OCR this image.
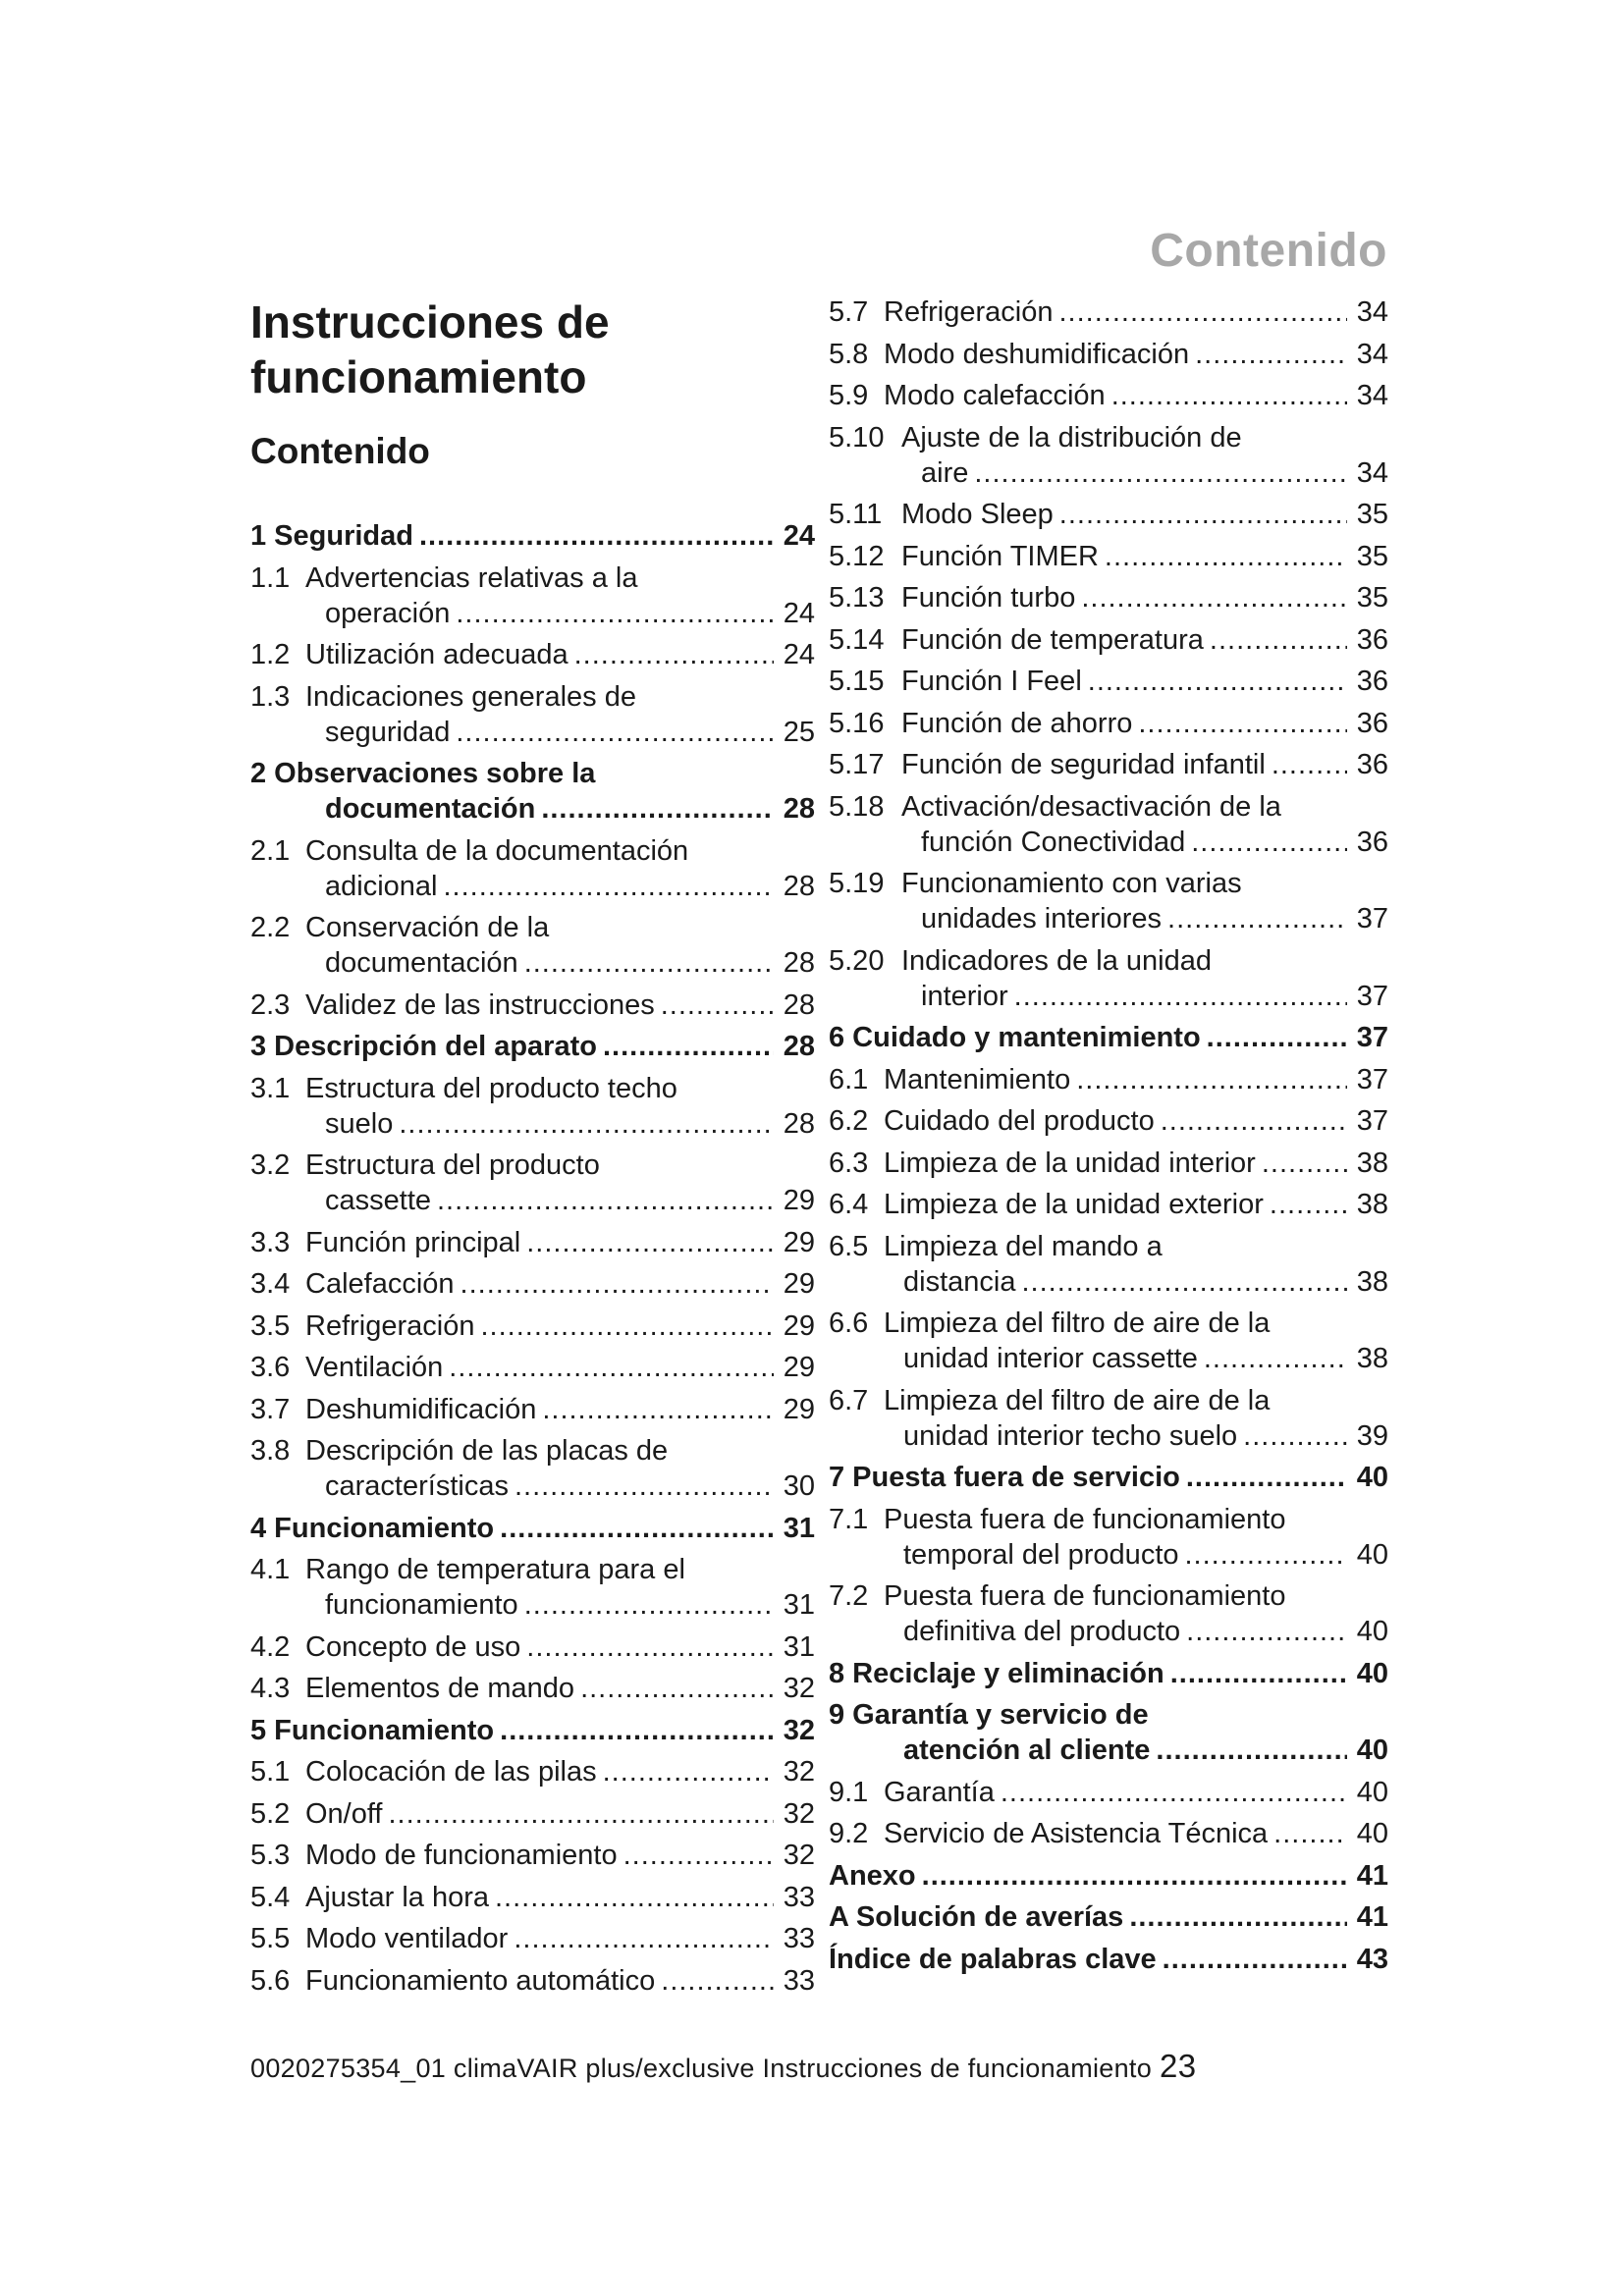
Contenido
Instrucciones de
funcionamiento
Contenido
1 Seguridad .....	24
1.1 Advertencias relativas a la
operación .....	24
1.2 Utilización adecuada .....	24
1.3 Indicaciones generales de
seguridad .....	25
2 Observaciones sobre la
documentación .....	28
2.1 Consulta de la documentación
adicional .....	28
2.2 Conservación de la
documentación .....	28
2.3 Validez de las instrucciones .....	28
3 Descripción del aparato .....	28
3.1 Estructura del producto techo
suelo .....	28
3.2 Estructura del producto
cassette .....	29
3.3 Función principal .....	29
3.4 Calefacción .....	29
3.5 Refrigeración .....	29
3.6 Ventilación .....	29
3.7 Deshumidificación .....	29
3.8 Descripción de las placas de
características .....	30
4 Funcionamiento .....	31
4.1 Rango de temperatura para el
funcionamiento .....	31
4.2 Concepto de uso .....	31
4.3 Elementos de mando .....	32
5 Funcionamiento .....	32
5.1 Colocación de las pilas .....	32
5.2 On/off .....	32
5.3 Modo de funcionamiento .....	32
5.4 Ajustar la hora .....	33
5.5 Modo ventilador .....	33
5.6 Funcionamiento automático .....	33
5.7 Refrigeración .....	34
5.8 Modo deshumidificación .....	34
5.9 Modo calefacción .....	34
5.10 Ajuste de la distribución de
aire .....	34
5.11 Modo Sleep .....	35
5.12 Función TIMER .....	35
5.13 Función turbo .....	35
5.14 Función de temperatura .....	36
5.15 Función I Feel .....	36
5.16 Función de ahorro .....	36
5.17 Función de seguridad infantil .....	36
5.18 Activación/desactivación de la
función Conectividad .....	36
5.19 Funcionamiento con varias
unidades interiores .....	37
5.20 Indicadores de la unidad
interior .....	37
6 Cuidado y mantenimiento .....	37
6.1 Mantenimiento .....	37
6.2 Cuidado del producto .....	37
6.3 Limpieza de la unidad interior .....	38
6.4 Limpieza de la unidad exterior .....	38
6.5 Limpieza del mando a
distancia .....	38
6.6 Limpieza del filtro de aire de la
unidad interior cassette .....	38
6.7 Limpieza del filtro de aire de la
unidad interior techo suelo .....	39
7 Puesta fuera de servicio .....	40
7.1 Puesta fuera de funcionamiento
temporal del producto .....	40
7.2 Puesta fuera de funcionamiento
definitiva del producto .....	40
8 Reciclaje y eliminación .....	40
9 Garantía y servicio de
atención al cliente .....	40
9.1 Garantía .....	40
9.2 Servicio de Asistencia Técnica .....	40
Anexo .....	41
A Solución de averías .....	41
Índice de palabras clave .....	43
0020275354_01 climaVAIR plus/exclusive Instrucciones de funcionamiento 23
